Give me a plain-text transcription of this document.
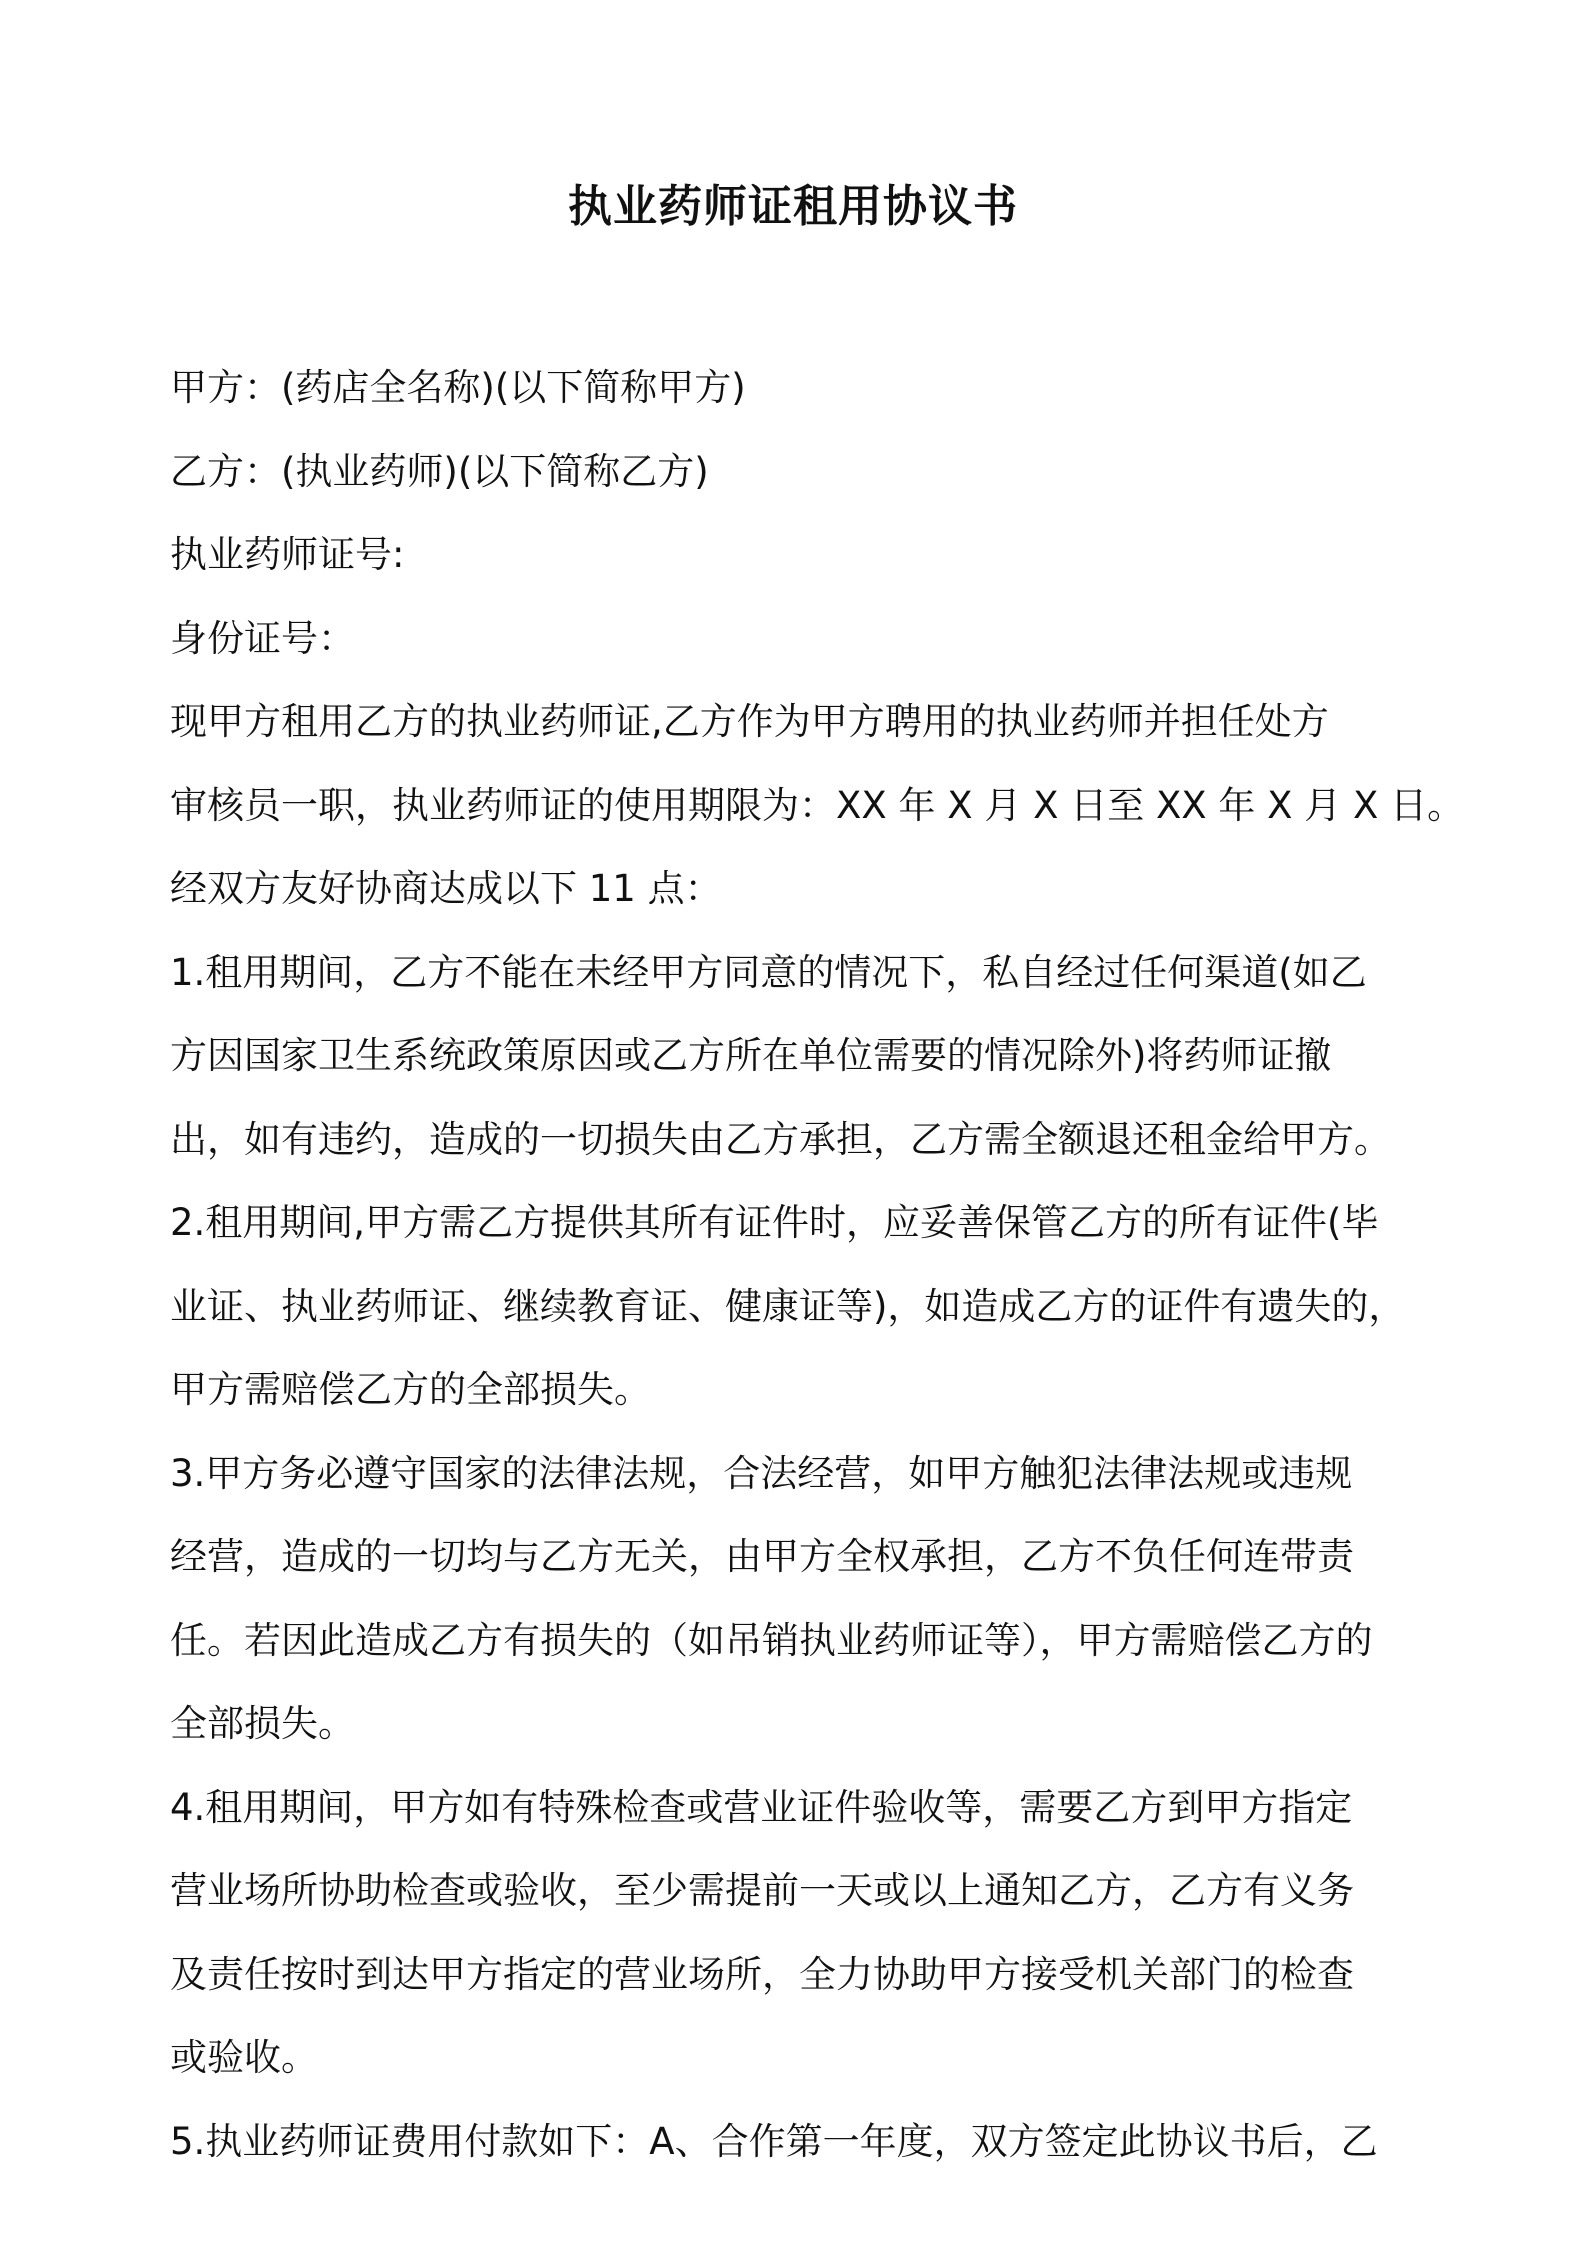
执业药师证租用协议书
甲方：(药店全名称)(以下简称甲方)
乙方：(执业药师)(以下简称乙方)
执业药师证号:
身份证号：
现甲方租用乙方的执业药师证,乙方作为甲方聘用的执业药师并担任处方
审核员一职，执业药师证的使用期限为：XX 年 X 月 X 日至 XX 年 X 月 X 日。
经双方友好协商达成以下 11 点：
1.租用期间，乙方不能在未经甲方同意的情况下，私自经过任何渠道(如乙
方因国家卫生系统政策原因或乙方所在单位需要的情况除外)将药师证撤
出，如有违约，造成的一切损失由乙方承担，乙方需全额退还租金给甲方。
2.租用期间,甲方需乙方提供其所有证件时，应妥善保管乙方的所有证件(毕
业证、执业药师证、继续教育证、健康证等)，如造成乙方的证件有遗失的，
甲方需赔偿乙方的全部损失。
3.甲方务必遵守国家的法律法规，合法经营，如甲方触犯法律法规或违规
经营，造成的一切均与乙方无关，由甲方全权承担，乙方不负任何连带责
任。若因此造成乙方有损失的（如吊销执业药师证等），甲方需赔偿乙方的
全部损失。
4.租用期间，甲方如有特殊检查或营业证件验收等，需要乙方到甲方指定
营业场所协助检查或验收，至少需提前一天或以上通知乙方，乙方有义务
及责任按时到达甲方指定的营业场所，全力协助甲方接受机关部门的检查
或验收。
5.执业药师证费用付款如下：A、合作第一年度，双方签定此协议书后，乙
